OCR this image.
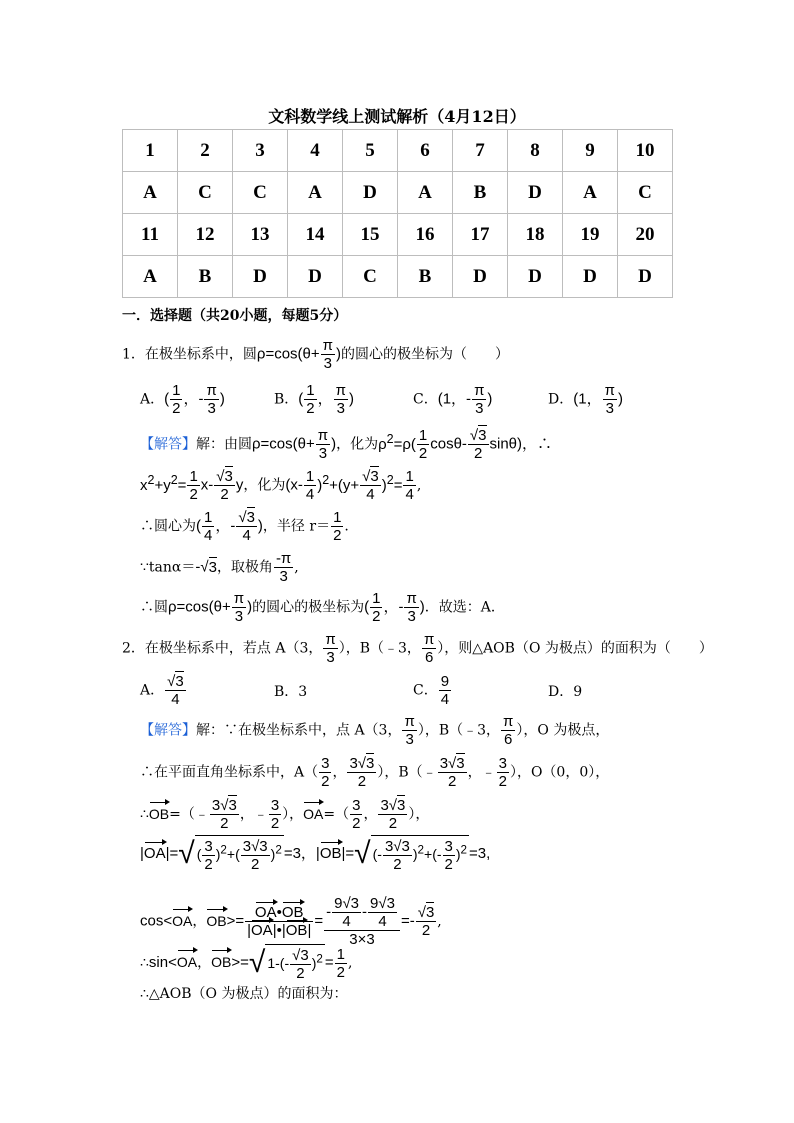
文科数学线上测试解析（4月12日）
1	2	3	4	5	6	7	8	9	10
A	C	C	A	D	A	B	D	A	C
11	12	13	14	15	16	17	18	19	20
A	B	D	D	C	B	D	D	D	D
一．选择题（共20小题，每题5分）
1．在极坐标系中，圆$\rho=\cos(\theta+ \frac{\pi}{3}$ )的圆心的极坐标为（　　）
A．( $\frac{1}{2}$ ，- $\frac{\pi}{3}$ )	B．( $\frac{1}{2}$ ， $\frac{\pi}{3}$ )	C．(1，- $\frac{\pi}{3}$ )	D．(1， $\frac{\pi}{3}$ )
【解答】解：由圆$\rho=\cos(\theta+ \frac{\pi}{3}$ )，化为$\rho^2=\rho( \frac{1}{2} \cos\theta- \frac{√3}{2} \sin\theta)$，∴
$x^2+y^2= \frac{1}{2} x- \frac{√3}{2}$ y，化为$(x- \frac{1}{4} )^2+(y+ \frac{√3}{4} )^2= \frac{1}{4}$ ,
∴圆心为( $\frac{1}{4}$ ，- $\frac{√3}{4}$ )，半径 $r= \frac{1}{2}$ .
∵tanα＝-√3，取极角 $\frac{-\pi}{3}$ ,
∴圆$\rho=\cos(\theta+ \frac{\pi}{3}$ )的圆心的极坐标为( $\frac{1}{2}$ ，- $\frac{\pi}{3}$ )．故选：A．
2．在极坐标系中，若点 A（3， $\frac{\pi}{3}$ ），B（﹣3， $\frac{\pi}{6}$ ），则△AOB（O 为极点）的面积为（　　）
A． $\frac{√3}{4}$	B．3	C． $\frac{9}{4}$	D．9
【解答】解：∵在极坐标系中，点 A（3， $\frac{\pi}{3}$ ），B（﹣3， $\frac{\pi}{6}$ ），O 为极点，
∴在平面直角坐标系中，$A( \frac{3}{2}$ ， $\frac{3√3}{2}$ ），B（﹣ $\frac{3√3}{2}$ ，﹣ $\frac{3}{2}$ ），O（0，0），
∴OB=（﹣ $\frac{3√3}{2}$ ，﹣ $\frac{3}{2}$ ），$OA=( \frac{3}{2}$ ， $\frac{3√3}{2}$ ），
|OA|=√ ( $\frac{3}{2} )^2+( \frac{3√3}{2} )^2 =3$，|OB|=√ (- $\frac{3√3}{2} )^2+(- \frac{3}{2} )^2 =3$,
cos<OA，$OB>= \frac{OA•OB}{|OA|•|OB|} = \frac{- \frac{9√3}{4} - \frac{9√3}{4}}{3\times 3} =- \frac{√3}{2}$ ,
∴sin<OA，OB>=√ $1-(- \frac{√3}{2} )^2 = \frac{1}{2}$ ,
∴△AOB（O 为极点）的面积为：
